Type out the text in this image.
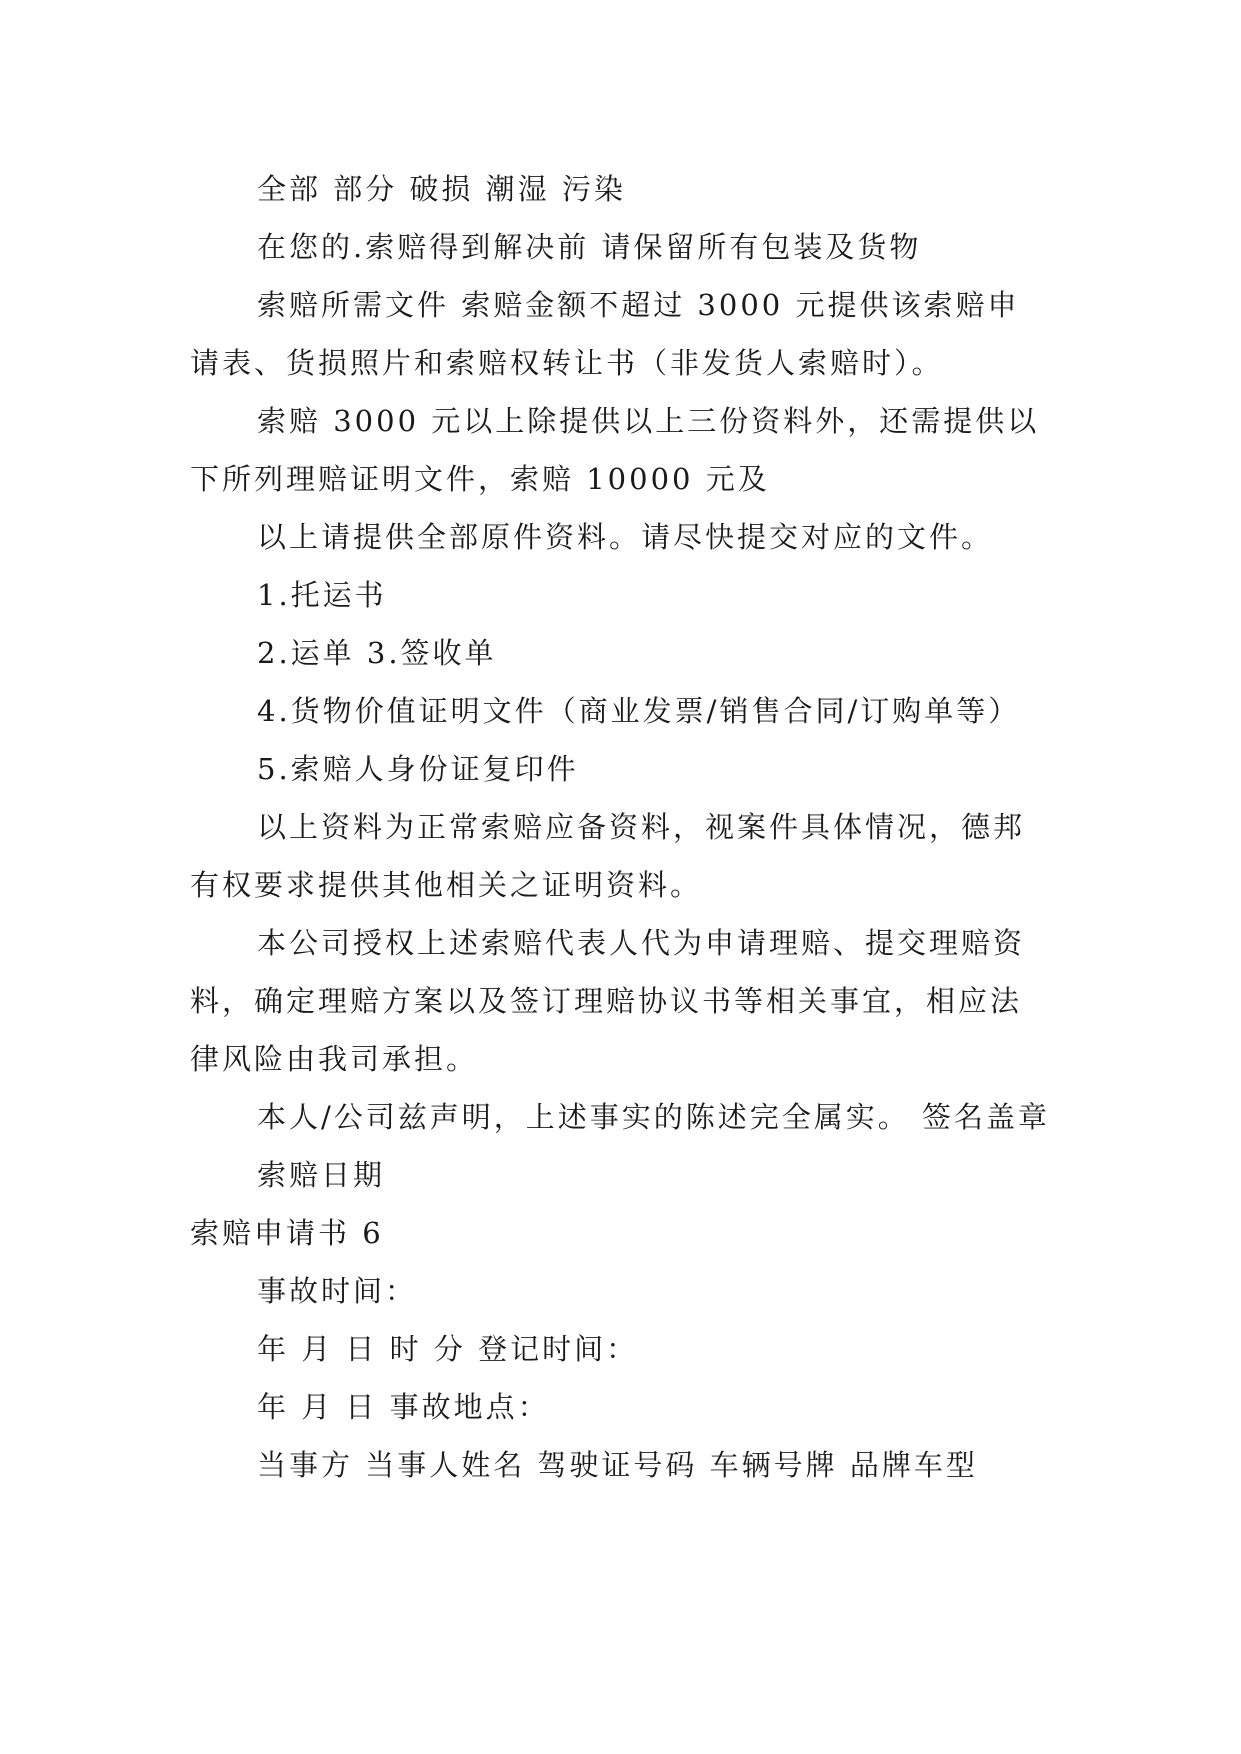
全部 部分 破损 潮湿 污染

在您的.索赔得到解决前 请保留所有包装及货物

索赔所需文件 索赔金额不超过 3000 元提供该索赔申请表、货损照片和索赔权转让书（非发货人索赔时）。

索赔 3000 元以上除提供以上三份资料外，还需提供以下所列理赔证明文件，索赔 10000 元及

以上请提供全部原件资料。请尽快提交对应的文件。

1.托运书

2.运单 3.签收单

4.货物价值证明文件（商业发票/销售合同/订购单等）

5.索赔人身份证复印件

以上资料为正常索赔应备资料，视案件具体情况，德邦有权要求提供其他相关之证明资料。

本公司授权上述索赔代表人代为申请理赔、提交理赔资料，确定理赔方案以及签订理赔协议书等相关事宜，相应法律风险由我司承担。

本人/公司兹声明，上述事实的陈述完全属实。 签名盖章

索赔日期

索赔申请书 6

事故时间：

年 月 日 时 分 登记时间：

年 月 日 事故地点：

当事方 当事人姓名 驾驶证号码 车辆号牌 品牌车型
